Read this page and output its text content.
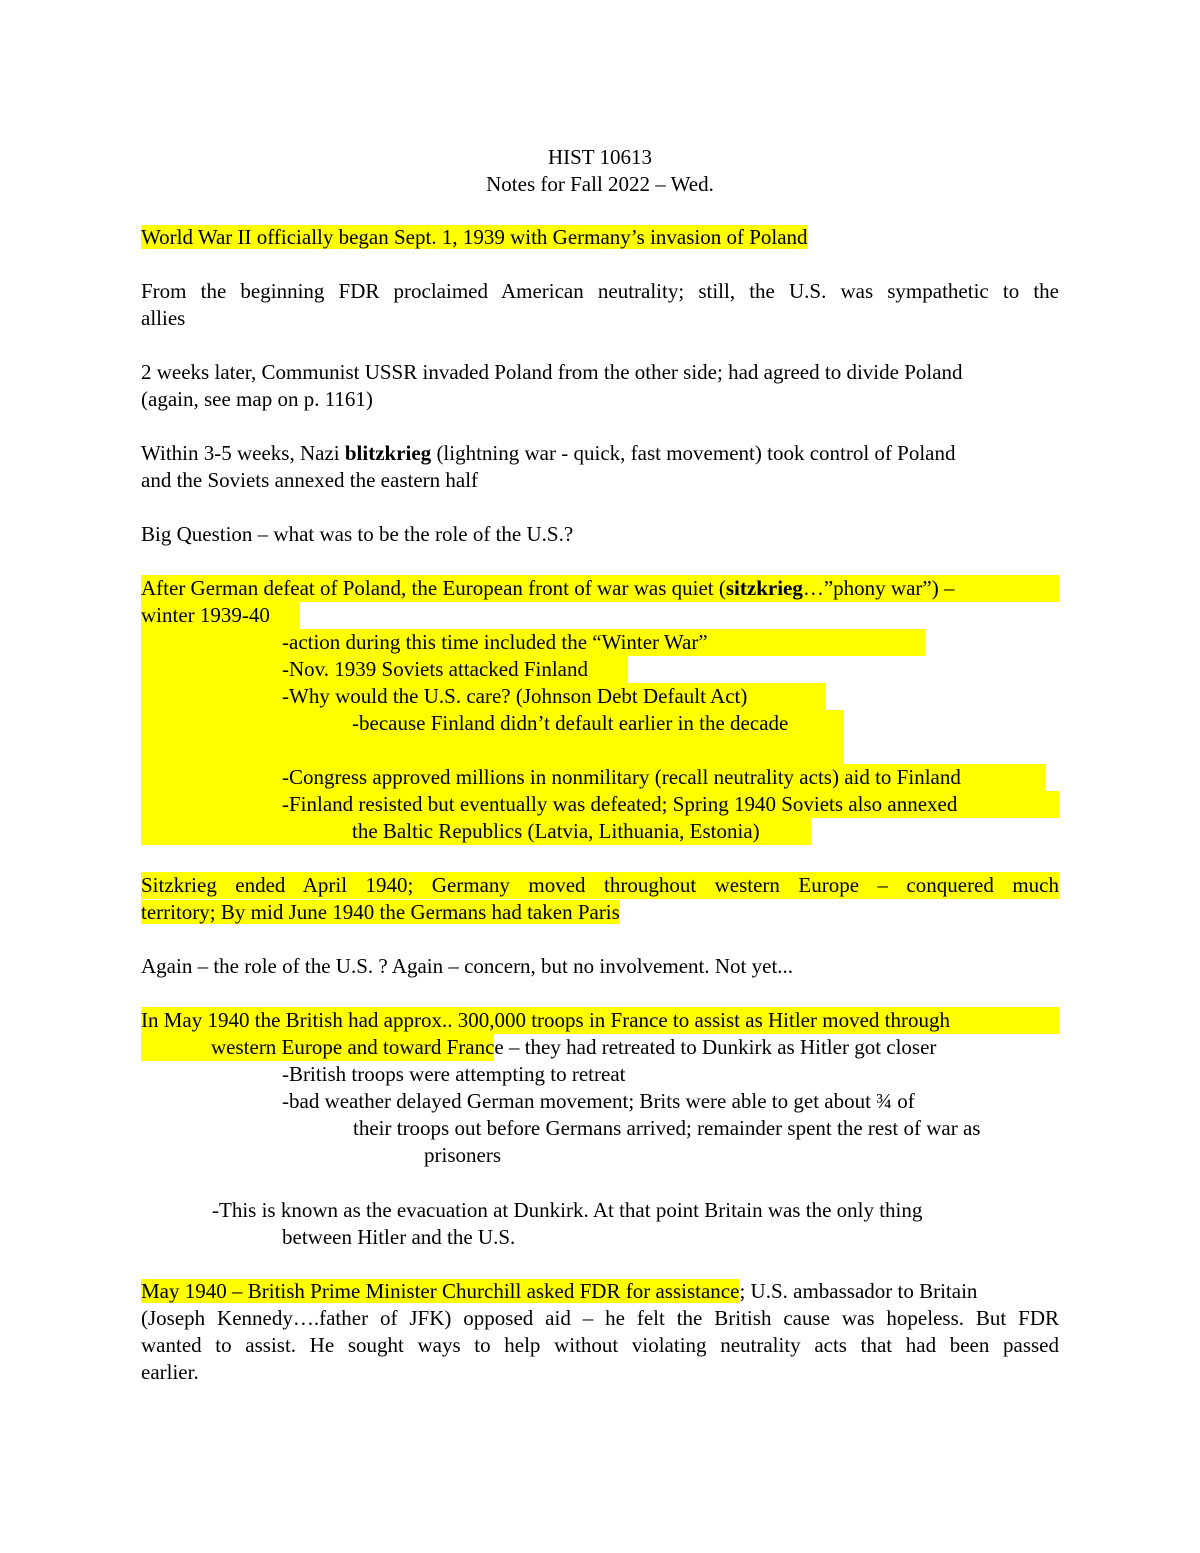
HIST 10613
Notes for Fall 2022 – Wed.
World War II officially began Sept. 1, 1939 with Germany’s invasion of Poland
From the beginning FDR proclaimed American neutrality; still, the U.S. was sympathetic to the
allies
2 weeks later, Communist USSR invaded Poland from the other side; had agreed to divide Poland
(again, see map on p. 1161)
Within 3-5 weeks, Nazi blitzkrieg (lightning war - quick, fast movement) took control of Poland
and the Soviets annexed the eastern half
Big Question – what was to be the role of the U.S.?
After German defeat of Poland, the European front of war was quiet (sitzkrieg…”phony war”) –
winter 1939-40
-action during this time included the “Winter War”
-Nov. 1939 Soviets attacked Finland
-Why would the U.S. care? (Johnson Debt Default Act)
-because Finland didn’t default earlier in the decade
-Congress approved millions in nonmilitary (recall neutrality acts) aid to Finland
-Finland resisted but eventually was defeated; Spring 1940 Soviets also annexed
the Baltic Republics (Latvia, Lithuania, Estonia)
Sitzkrieg ended April 1940; Germany moved throughout western Europe – conquered much
territory; By mid June 1940 the Germans had taken Paris
Again – the role of the U.S. ? Again – concern, but no involvement. Not yet...
In May 1940 the British had approx.. 300,000 troops in France to assist as Hitler moved through
western Europe and toward France – they had retreated to Dunkirk as Hitler got closer
-British troops were attempting to retreat
-bad weather delayed German movement; Brits were able to get about ¾ of
their troops out before Germans arrived; remainder spent the rest of war as
prisoners
-This is known as the evacuation at Dunkirk. At that point Britain was the only thing
between Hitler and the U.S.
May 1940 – British Prime Minister Churchill asked FDR for assistance; U.S. ambassador to Britain
(Joseph Kennedy….father of JFK) opposed aid – he felt the British cause was hopeless. But FDR
wanted to assist. He sought ways to help without violating neutrality acts that had been passed
earlier.
